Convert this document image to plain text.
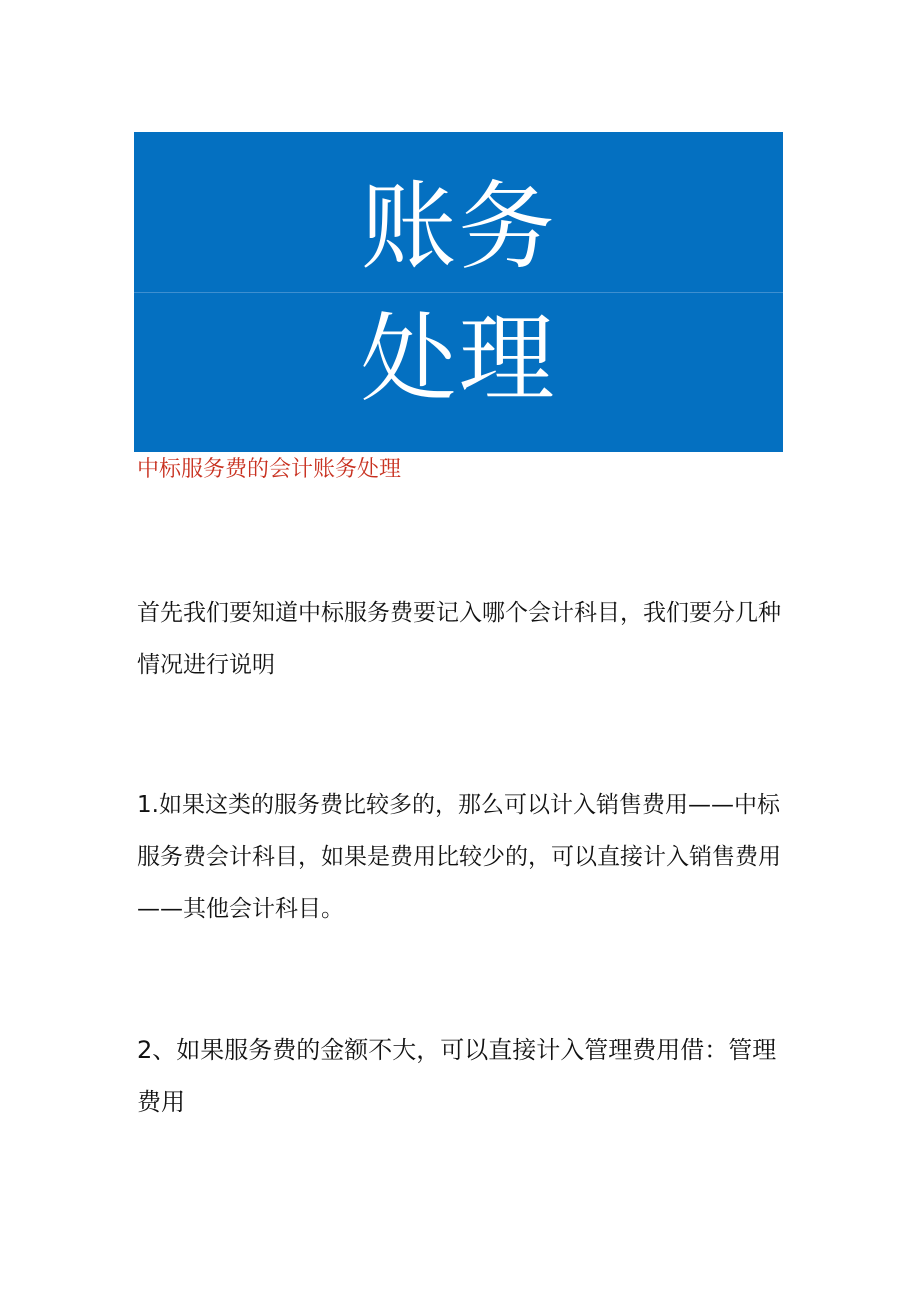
账务
处理
中标服务费的会计账务处理

首先我们要知道中标服务费要记入哪个会计科目，我们要分几种情况进行说明

1.如果这类的服务费比较多的，那么可以计入销售费用——中标服务费会计科目，如果是费用比较少的，可以直接计入销售费用——其他会计科目。

2、如果服务费的金额不大，可以直接计入管理费用借：管理费用
